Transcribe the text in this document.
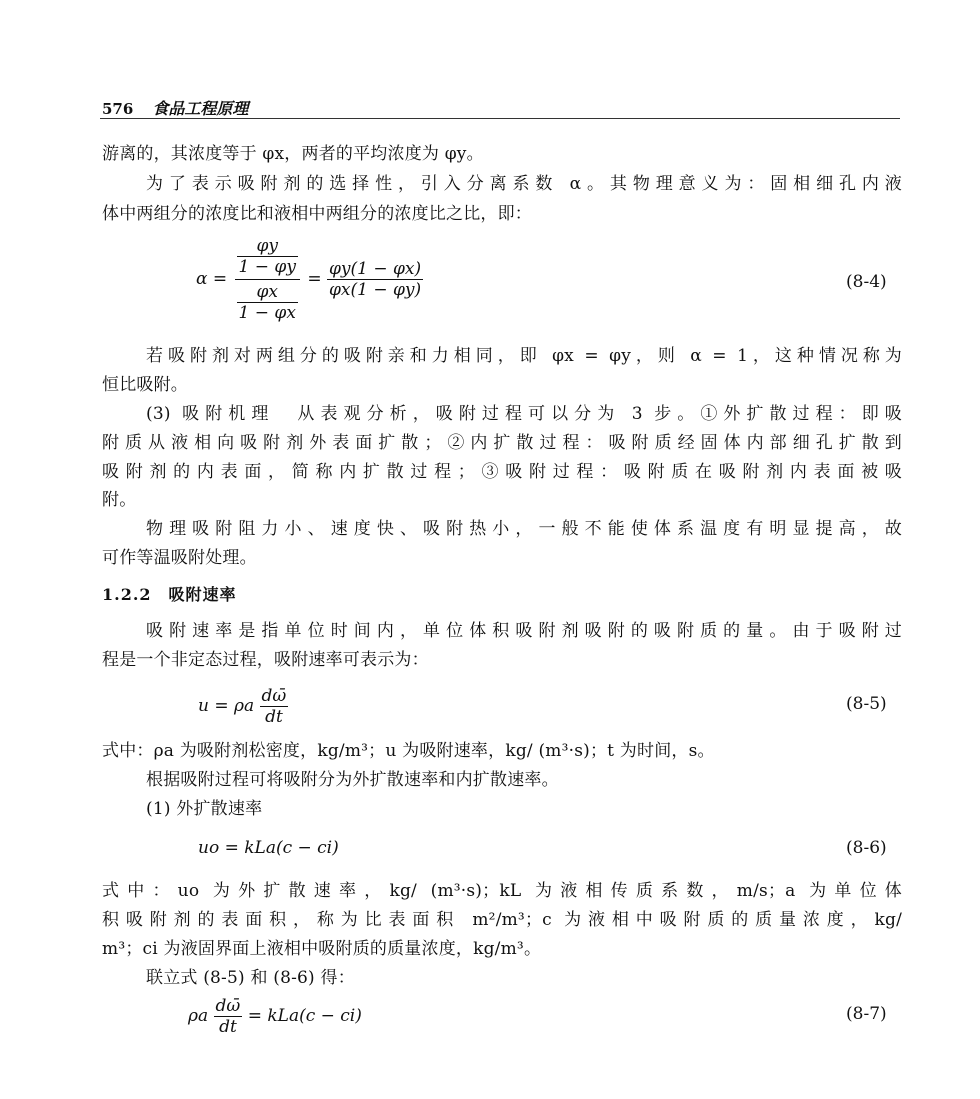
576 食品工程原理
游离的，其浓度等于 φx，两者的平均浓度为 φy。
为了表示吸附剂的选择性，引入分离系数 α。其物理意义为：固相细孔内液
体中两组分的浓度比和液相中两组分的浓度比之比，即：
$\alpha = \frac{\frac{\varphi y}{1 - \varphi y}}{\frac{\varphi x}{1 - \varphi x}} = \frac{\varphi y(1 - \varphi x)}{\varphi x(1 - \varphi y)}$	(8-4)
若吸附剂对两组分的吸附亲和力相同，即 φx = φy，则 α = 1，这种情况称为
恒比吸附。
(3) 吸附机理　从表观分析，吸附过程可以分为 3 步。①外扩散过程：即吸
附质从液相向吸附剂外表面扩散；②内扩散过程：吸附质经固体内部细孔扩散到
吸附剂的内表面，简称内扩散过程；③吸附过程：吸附质在吸附剂内表面被吸
附。
物理吸附阻力小、速度快、吸附热小，一般不能使体系温度有明显提高，故
可作等温吸附处理。
1.2.2　吸附速率
吸附速率是指单位时间内，单位体积吸附剂吸附的吸附质的量。由于吸附过
程是一个非定态过程，吸附速率可表示为：
u = ρa $\frac{d\omegā}{dt}$	(8-5)
式中：ρa 为吸附剂松密度，kg/m³；u 为吸附速率，kg/ (m³·s)；t 为时间，s。
根据吸附过程可将吸附分为外扩散速率和内扩散速率。
(1) 外扩散速率
uo = kLa(c − ci)	(8-6)
式中：uo 为外扩散速率，kg/ (m³·s)；kL 为液相传质系数，m/s；a 为单位体
积吸附剂的表面积，称为比表面积 m²/m³；c 为液相中吸附质的质量浓度，kg/
m³；ci 为液固界面上液相中吸附质的质量浓度，kg/m³。
联立式 (8-5) 和 (8-6) 得：
ρa $\frac{d\omegā}{dt} = kLa(c - ci)$	(8-7)
